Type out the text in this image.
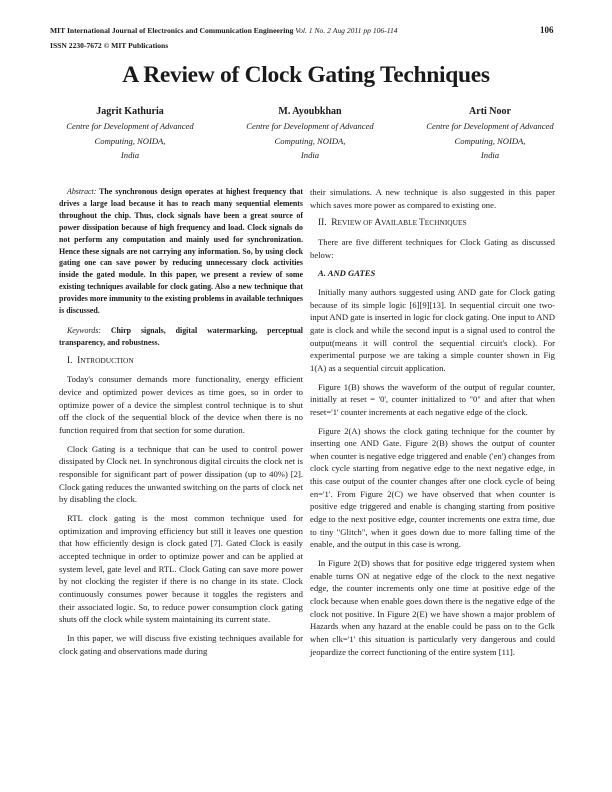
MIT International Journal of Electronics and Communication Engineering Vol. 1 No. 2 Aug 2011 pp 106-114	106
ISSN 2230-7672 © MIT Publications
A Review of Clock Gating Techniques
Jagrit Kathuria
Centre for Development of Advanced
Computing, NOIDA,
India
M. Ayoubkhan
Centre for Development of Advanced
Computing, NOIDA,
India
Arti Noor
Centre for Development of Advanced
Computing, NOIDA,
India

Abstract: The synchronous design operates at highest frequency that drives a large load because it has to reach many sequential elements throughout the chip. Thus, clock signals have been a great source of power dissipation because of high frequency and load. Clock signals do not perform any computation and mainly used for synchronization. Hence these signals are not carrying any information. So, by using clock gating one can save power by reducing unnecessary clock activities inside the gated module. In this paper, we present a review of some existing techniques available for clock gating. Also a new technique that provides more immunity to the existing problems in available techniques is discussed.

Keywords: Chirp signals, digital watermarking, perceptual transparency, and robustness.

I. INTRODUCTION

Today's consumer demands more functionality, energy efficient device and optimized power devices as time goes, so in order to optimize power of a device the simplest control technique is to shut off the clock of the sequential block of the device when there is no function required from that section for some duration.

Clock Gating is a technique that can be used to control power dissipated by Clock net. In synchronous digital circuits the clock net is responsible for significant part of power dissipation (up to 40%) [2]. Clock gating reduces the unwanted switching on the parts of clock net by disabling the clock.

RTL clock gating is the most common technique used for optimization and improving efficiency but still it leaves one question that how efficiently design is clock gated [7]. Gated Clock is easily accepted technique in order to optimize power and can be applied at system level, gate level and RTL. Clock Gating can save more power by not clocking the register if there is no change in its state. Clock continuously consumes power because it toggles the registers and their associated logic. So, to reduce power consumption clock gating shuts off the clock while system maintaining its current state.

In this paper, we will discuss five existing techniques available for clock gating and observations made during

their simulations. A new technique is also suggested in this paper which saves more power as compared to existing one.

II. REVIEW OF AVAILABLE TECHNIQUES

There are five different techniques for Clock Gating as discussed below:

A. AND GATES

Initially many authors suggested using AND gate for Clock gating because of its simple logic [6][9][13]. In sequential circuit one two-input AND gate is inserted in logic for clock gating. One input to AND gate is clock and while the second input is a signal used to control the output(means it will control the sequential circuit's clock). For experimental purpose we are taking a simple counter shown in Fig 1(A) as a sequential circuit application.

Figure 1(B) shows the waveform of the output of regular counter, initially at reset = '0', counter initialized to "0" and after that when reset='1' counter increments at each negative edge of the clock.

Figure 2(A) shows the clock gating technique for the counter by inserting one AND Gate. Figure 2(B) shows the output of counter when counter is negative edge triggered and enable ('en') changes from clock cycle starting from negative edge to the next negative edge, in this case output of the counter changes after one clock cycle of being en='1'. From Figure 2(C) we have observed that when counter is positive edge triggered and enable is changing starting from positive edge to the next positive edge, counter increments one extra time, due to tiny "Glitch", when it goes down due to more falling time of the enable, and the output in this case is wrong.

In Figure 2(D) shows that for positive edge triggered system when enable turns ON at negative edge of the clock to the next negative edge, the counter increments only one time at positive edge of the clock because when enable goes down there is the negative edge of the clock not positive. In Figure 2(E) we have shown a major problem of Hazards when any hazard at the enable could be pass on to the Gclk when clk='1' this situation is particularly very dangerous and could jeopardize the correct functioning of the entire system [11].
